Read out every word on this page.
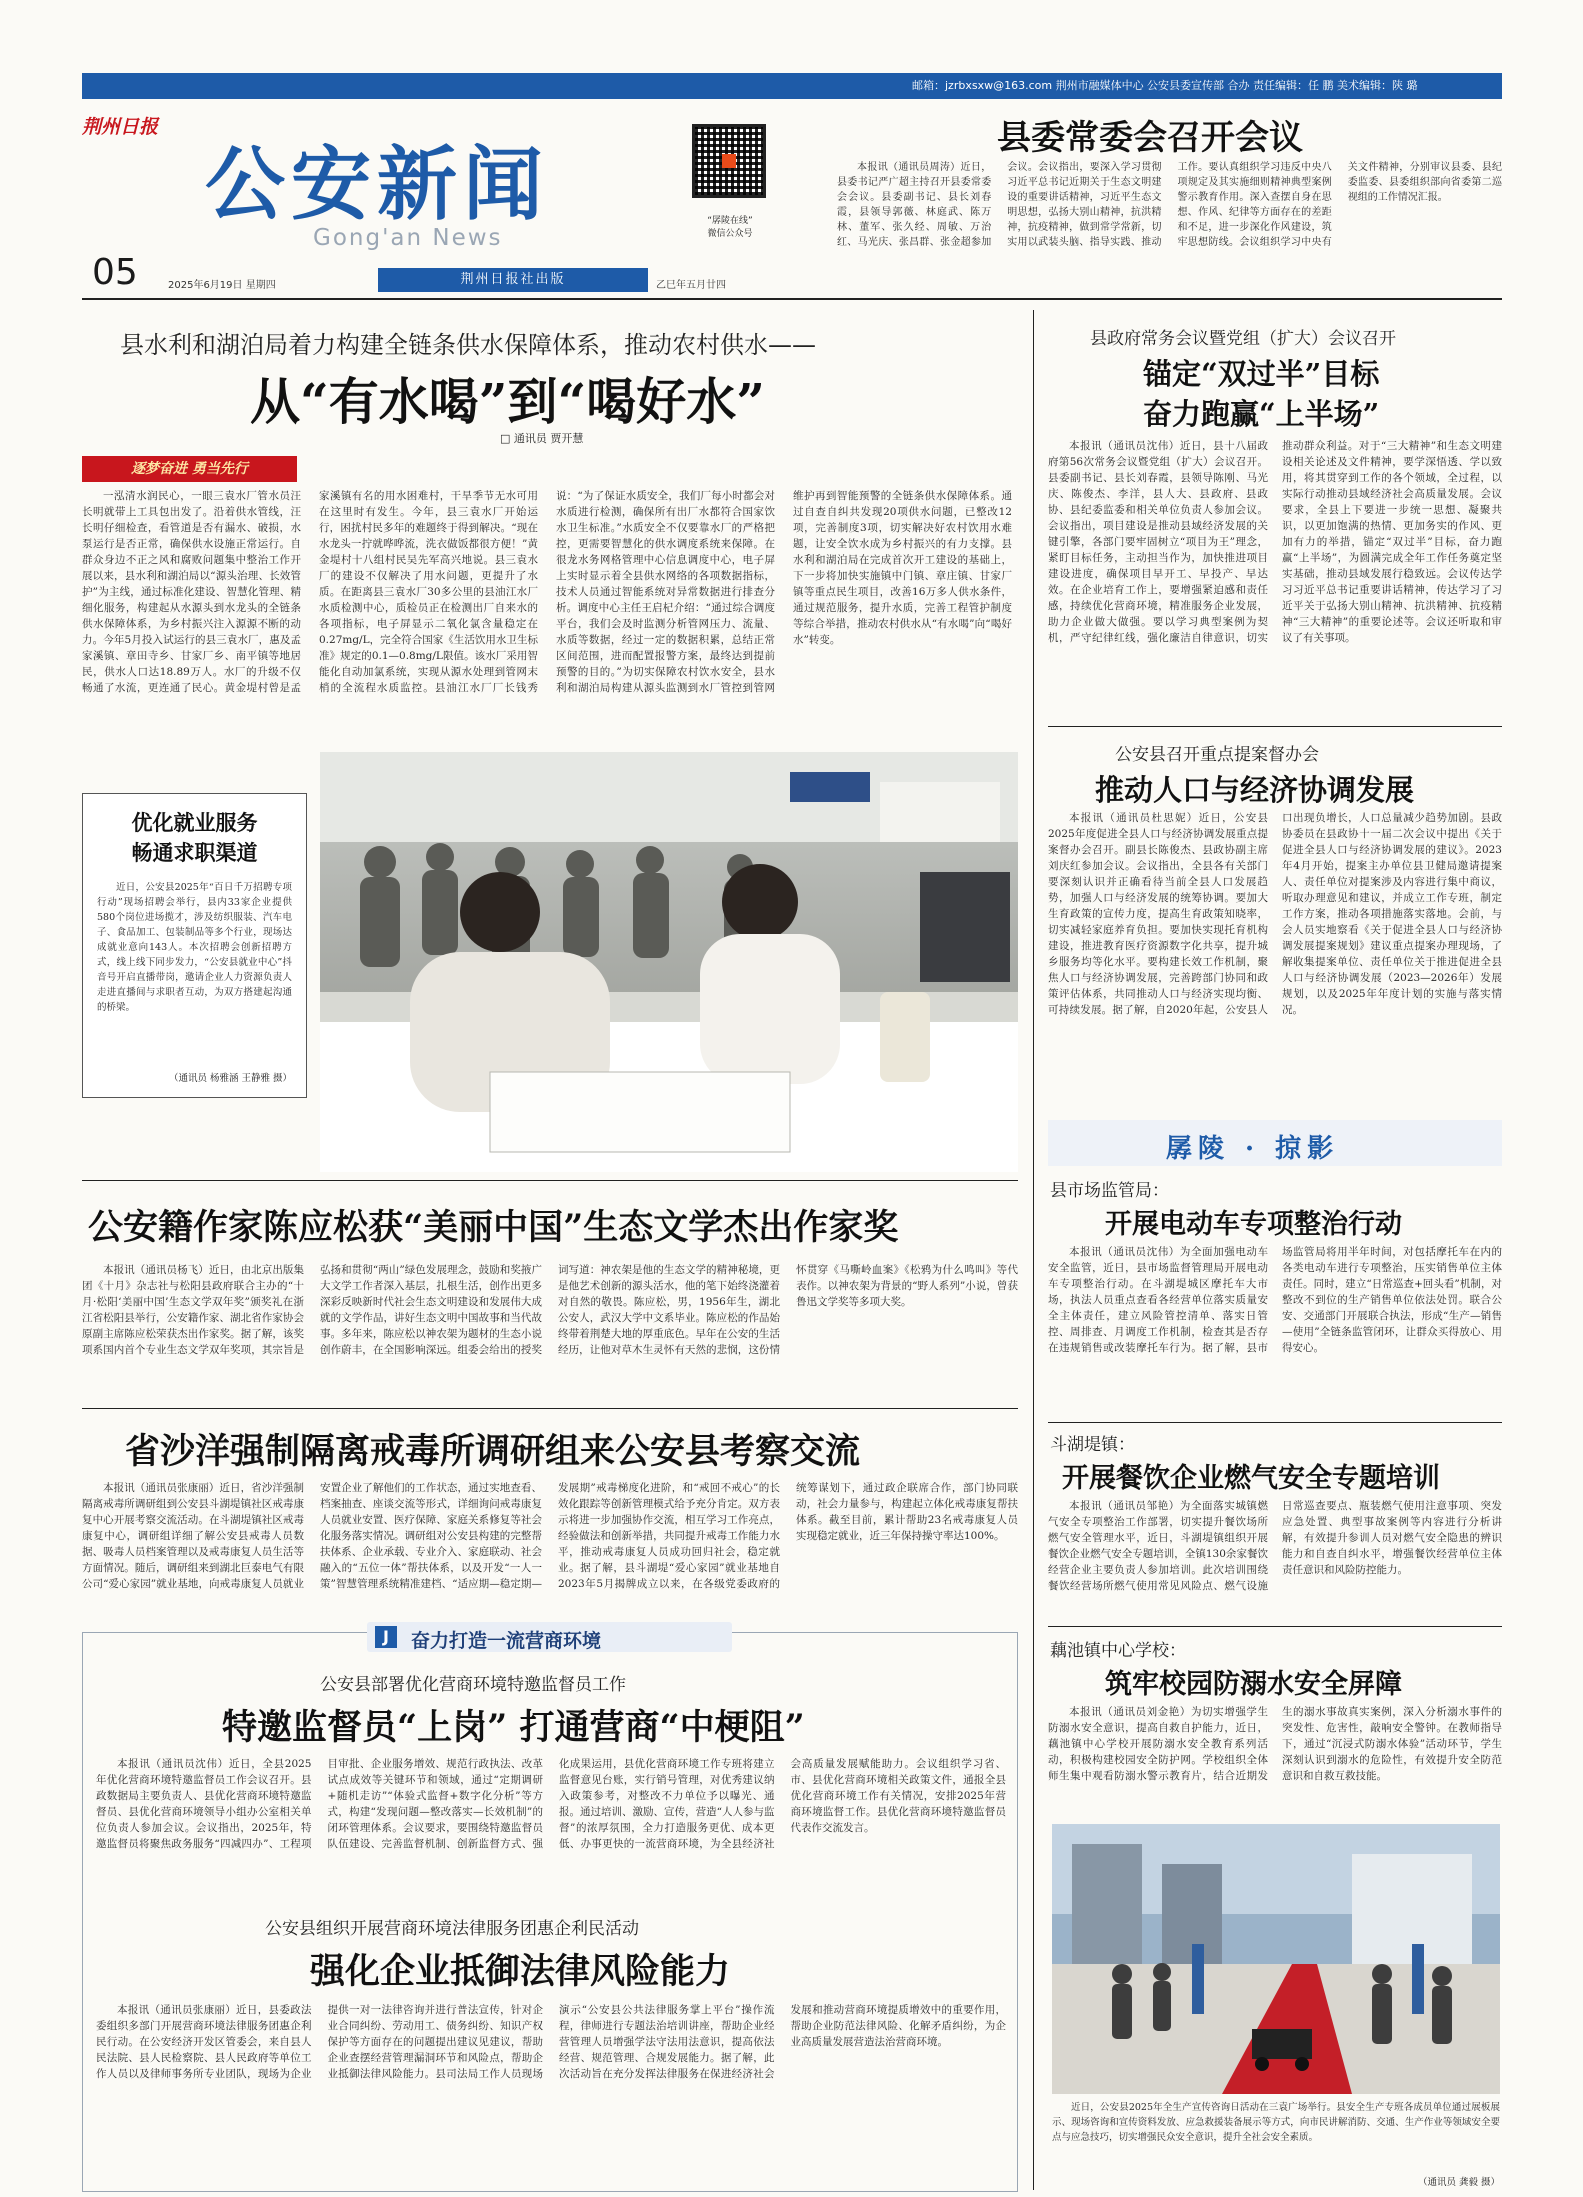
邮箱：jzrbxsxw@163.com 荆州市融媒体中心 公安县委宣传部 合办 责任编辑：任 鹏 美术编辑：陕 璐
荆州日报
公安新闻
Gong'an News
05	2025年6月19日 星期四	荆州日报社出版	乙巳年五月廿四
“孱陵在线”
微信公众号
县委常委会召开会议
本报讯（通讯员周涛）近日，县委书记严广超主持召开县委常委会会议。县委副书记、县长刘春霞，县领导郭薇、林庭武、陈万林、董军、张久经、周敏、万治红、马光庆、张昌群、张金超参加会议。会议指出，要深入学习贯彻习近平总书记近期关于生态文明建设的重要讲话精神，习近平生态文明思想，弘扬大别山精神，抗洪精神，抗疫精神，做到常学常新，切实用以武装头脑、指导实践、推动工作。要认真组织学习违反中央八项规定及其实施细则精神典型案例警示教育作用。深入查摆自身在思想、作风、纪律等方面存在的差距和不足，进一步深化作风建设，筑牢思想防线。会议组织学习中央有关文件精神，分别审议县委、县纪委监委、县委组织部向省委第二巡视组的工作情况汇报。
县水利和湖泊局着力构建全链条供水保障体系，推动农村供水——
从“有水喝”到“喝好水”
□ 通讯员 贾开慧
逐梦奋进 勇当先行
一泓清水润民心，一眼三袁水厂管水员汪长明就带上工具包出发了。沿着供水管线，汪长明仔细检查，看管道是否有漏水、破损，水泵运行是否正常，确保供水设施正常运行。自群众身边不正之风和腐败问题集中整治工作开展以来，县水利和湖泊局以“源头治理、长效管护”为主线，通过标准化建设、智慧化管理、精细化服务，构建起从水源头到水龙头的全链条供水保障体系，为乡村振兴注入源源不断的动力。今年5月投入试运行的县三袁水厂，惠及孟家溪镇、章田寺乡、甘家厂乡、南平镇等地居民，供水人口达18.89万人。水厂的升级不仅畅通了水流，更连通了民心。黄金堤村曾是孟家溪镇有名的用水困难村，干旱季节无水可用在这里时有发生。今年，县三袁水厂开始运行，困扰村民多年的难题终于得到解决。“现在水龙头一拧就哗哗流，洗衣做饭都很方便！”黄金堤村十八组村民吴先军高兴地说。县三袁水厂的建设不仅解决了用水问题，更提升了水质。在距离县三袁水厂30多公里的县油江水厂水质检测中心，质检员正在检测出厂自来水的各项指标，电子屏显示二氧化氯含量稳定在0.27mg/L，完全符合国家《生活饮用水卫生标准》规定的0.1—0.8mg/L限值。该水厂采用智能化自动加氯系统，实现从源水处理到管网末梢的全流程水质监控。县油江水厂厂长钱秀说：“为了保证水质安全，我们厂每小时都会对水质进行检测，确保所有出厂水都符合国家饮水卫生标准。”水质安全不仅要靠水厂的严格把控，更需要智慧化的供水调度系统来保障。在很龙水务网格管理中心信息调度中心，电子屏上实时显示着全县供水网络的各项数据指标，技术人员通过智能系统对异常数据进行排查分析。调度中心主任王启杞介绍：“通过综合调度平台，我们会及时监测分析管网压力、流量、水质等数据，经过一定的数据积累，总结正常区间范围，进而配置报警方案，最终达到提前预警的目的。”为切实保障农村饮水安全，县水利和湖泊局构建从源头监测到水厂管控到管网维护再到智能预警的全链条供水保障体系。通过自查自纠共发现20项供水问题，已整改12项，完善制度3项，切实解决好农村饮用水难题，让安全饮水成为乡村振兴的有力支撑。县水利和湖泊局在完成首次开工建设的基础上，下一步将加快实施镇中门镇、章庄镇、甘家厂镇等重点民生项目，改善16万多人供水条件，通过规范服务，提升水质，完善工程管护制度等综合举措，推动农村供水从“有水喝”向“喝好水”转变。
县政府常务会议暨党组（扩大）会议召开
锚定“双过半”目标
奋力跑赢“上半场”
本报讯（通讯员沈伟）近日，县十八届政府第56次常务会议暨党组（扩大）会议召开。县委副书记、县长刘春霞，县领导陈刚、马光庆、陈俊杰、李洋，县人大、县政府、县政协、县纪委监委和相关单位负责人参加会议。会议指出，项目建设是推动县域经济发展的关键引擎，各部门要牢固树立“项目为王”理念，紧盯目标任务，主动担当作为，加快推进项目建设进度，确保项目早开工、早投产、早达效。在企业培育工作上，要增强紧迫感和责任感，持续优化营商环境，精准服务企业发展，助力企业做大做强。要以学习典型案例为契机，严守纪律红线，强化廉洁自律意识，切实推动群众利益。对于“三大精神”和生态文明建设相关论述及文件精神，要学深悟透、学以致用，将其贯穿到工作的各个领域，全过程，以实际行动推动县域经济社会高质量发展。会议要求，全县上下要进一步统一思想、凝聚共识，以更加饱满的热情、更加务实的作风、更加有力的举措，锚定“双过半”目标，奋力跑赢“上半场”，为圆满完成全年工作任务奠定坚实基础，推动县域发展行稳致远。会议传达学习习近平总书记重要讲话精神，传达学习了习近平关于弘扬大别山精神、抗洪精神、抗疫精神“三大精神”的重要论述等。会议还听取和审议了有关事项。
优化就业服务
畅通求职渠道
近日，公安县2025年“百日千万招聘专项行动”现场招聘会举行，县内33家企业提供580个岗位进场揽才，涉及纺织服装、汽车电子、食品加工、包装制品等多个行业，现场达成就业意向143人。本次招聘会创新招聘方式，线上线下同步发力，“公安县就业中心”抖音号开启直播带岗，邀请企业人力资源负责人走进直播间与求职者互动，为双方搭建起沟通的桥梁。
（通讯员 杨雅涵 王静雅 摄）
公安县召开重点提案督办会
推动人口与经济协调发展
本报讯（通讯员杜思妮）近日，公安县2025年度促进全县人口与经济协调发展重点提案督办会召开。副县长陈俊杰、县政协副主席刘庆红参加会议。会议指出，全县各有关部门要深刻认识并正确看待当前全县人口发展趋势，加强人口与经济发展的统筹协调。要加大生育政策的宣传力度，提高生育政策知晓率，切实减轻家庭养育负担。要加快实现托育机构建设，推进教育医疗资源数字化共享，提升城乡服务均等化水平。要构建长效工作机制，聚焦人口与经济协调发展，完善跨部门协同和政策评估体系，共同推动人口与经济实现均衡、可持续发展。据了解，自2020年起，公安县人口出现负增长，人口总量减少趋势加剧。县政协委员在县政协十一届二次会议中提出《关于促进全县人口与经济协调发展的建议》。2023年4月开始，提案主办单位县卫健局邀请提案人、责任单位对提案涉及内容进行集中商议，听取办理意见和建议，并成立工作专班，制定工作方案，推动各项措施落实落地。会前，与会人员实地察看《关于促进全县人口与经济协调发展提案规划》建议重点提案办理现场，了解收集提案单位、责任单位关于推进促进全县人口与经济协调发展（2023—2026年）发展规划，以及2025年年度计划的实施与落实情况。
孱陵 · 掠影
公安籍作家陈应松获“美丽中国”生态文学杰出作家奖
本报讯（通讯员杨飞）近日，由北京出版集团《十月》杂志社与松阳县政府联合主办的“十月·松阳‘美丽中国’生态文学双年奖”颁奖礼在浙江省松阳县举行，公安籍作家、湖北省作家协会原副主席陈应松荣获杰出作家奖。据了解，该奖项系国内首个专业生态文学双年奖项，其宗旨是弘扬和贯彻“两山”绿色发展理念，鼓励和奖掖广大文学工作者深入基层，扎根生活，创作出更多深彩反映新时代社会生态文明建设和发展伟大成就的文学作品，讲好生态文明中国故事和当代故事。多年来，陈应松以神农架为题材的生态小说创作蔚丰，在全国影响深远。组委会给出的授奖词写道：神农架是他的生态文学的精神秘境，更是他艺术创新的源头活水，他的笔下始终浇灌着对自然的敬畏。陈应松，男，1956年生，湖北公安人，武汉大学中文系毕业。陈应松的作品始终带着荆楚大地的厚重底色。早年在公安的生活经历，让他对草木生灵怀有天然的悲悯，这份情怀贯穿《马嘶岭血案》《松鸦为什么鸣叫》等代表作。以神农架为背景的“野人系列”小说，曾获鲁迅文学奖等多项大奖。
省沙洋强制隔离戒毒所调研组来公安县考察交流
本报讯（通讯员张康丽）近日，省沙洋强制隔离戒毒所调研组到公安县斗湖堤镇社区戒毒康复中心开展考察交流活动。在斗湖堤镇社区戒毒康复中心，调研组详细了解公安县戒毒人员数据、吸毒人员档案管理以及戒毒康复人员生活等方面情况。随后，调研组来到湖北巨泰电气有限公司“爱心家园”就业基地，向戒毒康复人员就业安置企业了解他们的工作状态，通过实地查看、档案抽查、座谈交流等形式，详细询问戒毒康复人员就业安置、医疗保障、家庭关系修复等社会化服务落实情况。调研组对公安县构建的完整帮扶体系、企业承载、专业介入、家庭联动、社会融入的“五位一体”帮扶体系，以及开发“一人一策”智慧管理系统精准建档、“适应期—稳定期—发展期”戒毒梯度化进阶，和“戒回不戒心”的长效化跟踪等创新管理模式给予充分肯定。双方表示将进一步加强协作交流，相互学习工作亮点，经验做法和创新举措，共同提升戒毒工作能力水平，推动戒毒康复人员成功回归社会，稳定就业。据了解，县斗湖堤“爱心家园”就业基地自2023年5月揭牌成立以来，在各级党委政府的统筹谋划下，通过政企联席合作，部门协同联动，社会力量参与，构建起立体化戒毒康复帮扶体系。截至目前，累计帮助23名戒毒康复人员实现稳定就业，近三年保持操守率达100%。
J	奋力打造一流营商环境
公安县部署优化营商环境特邀监督员工作
特邀监督员“上岗” 打通营商“中梗阻”
本报讯（通讯员沈伟）近日，全县2025年优化营商环境特邀监督员工作会议召开。县政数据局主要负责人、县优化营商环境特邀监督员、县优化营商环境领导小组办公室相关单位负责人参加会议。会议指出，2025年，特邀监督员将聚焦政务服务“四减四办”、工程项目审批、企业服务增效、规范行政执法、改革试点成效等关键环节和领域，通过“定期调研+随机走访”“体验式监督+数字化分析”等方式，构建“发现问题—整改落实—长效机制”的闭环管理体系。会议要求，要围绕特邀监督员队伍建设、完善监督机制、创新监督方式、强化成果运用，县优化营商环境工作专班将建立监督意见台账，实行销号管理，对优秀建议纳入政策参考，对整改不力单位予以曝光、通报。通过培训、激励、宣传，营造“人人参与监督”的浓厚氛围，全力打造服务更优、成本更低、办事更快的一流营商环境，为全县经济社会高质量发展赋能助力。会议组织学习省、市、县优化营商环境相关政策文件，通报全县优化营商环境工作有关情况，安排2025年营商环境监督工作。县优化营商环境特邀监督员代表作交流发言。
公安县组织开展营商环境法律服务团惠企利民活动
强化企业抵御法律风险能力
本报讯（通讯员张康丽）近日，县委政法委组织多部门开展营商环境法律服务团惠企利民行动。在公安经济开发区管委会，来自县人民法院、县人民检察院、县人民政府等单位工作人员以及律师事务所专业团队，现场为企业提供一对一法律咨询并进行普法宣传，针对企业合同纠纷、劳动用工、债务纠纷、知识产权保护等方面存在的问题提出建议见建议，帮助企业查摆经营管理漏洞环节和风险点，帮助企业抵御法律风险能力。县司法局工作人员现场演示“公安县公共法律服务掌上平台”操作流程，律师进行专题法治培训讲座，帮助企业经营管理人员增强学法守法用法意识，提高依法经营、规范管理、合规发展能力。据了解，此次活动旨在充分发挥法律服务在保进经济社会发展和推动营商环境提质增效中的重要作用，帮助企业防范法律风险、化解矛盾纠纷，为企业高质量发展营造法治营商环境。
县市场监管局：
开展电动车专项整治行动
本报讯（通讯员沈伟）为全面加强电动车安全监管，近日，县市场监督管理局开展电动车专项整治行动。在斗湖堤城区摩托车大市场，执法人员重点查看各经营单位落实质量安全主体责任，建立风险管控清单、落实日管控、周排查、月调度工作机制，检查其是否存在违规销售或改装摩托车行为。据了解，县市场监管局将用半年时间，对包括摩托车在内的各类电动车进行专项整治，压实销售单位主体责任。同时，建立“日常巡查+回头看”机制，对整改不到位的生产销售单位依法处罚。联合公安、交通部门开展联合执法，形成“生产—销售—使用”全链条监管闭环，让群众买得放心、用得安心。
斗湖堤镇：
开展餐饮企业燃气安全专题培训
本报讯（通讯员邹艳）为全面落实城镇燃气安全专项整治工作部署，切实提升餐饮场所燃气安全管理水平，近日，斗湖堤镇组织开展餐饮企业燃气安全专题培训，全镇130余家餐饮经营企业主要负责人参加培训。此次培训围绕餐饮经营场所燃气使用常见风险点、燃气设施日常巡查要点、瓶装燃气使用注意事项、突发应急处置、典型事故案例等内容进行分析讲解，有效提升参训人员对燃气安全隐患的辨识能力和自查自纠水平，增强餐饮经营单位主体责任意识和风险防控能力。
藕池镇中心学校：
筑牢校园防溺水安全屏障
本报讯（通讯员刘金艳）为切实增强学生防溺水安全意识，提高自救自护能力，近日，藕池镇中心学校开展防溺水安全教育系列活动，积极构建校园安全防护网。学校组织全体师生集中观看防溺水警示教育片，结合近期发生的溺水事故真实案例，深入分析溺水事件的突发性、危害性，敲响安全警钟。在教师指导下，通过“沉浸式防溺水体验”活动环节，学生深刻认识到溺水的危险性，有效提升安全防范意识和自救互救技能。
近日，公安县2025年全生产宣传咨询日活动在三袁广场举行。县安全生产专班各成员单位通过展板展示、现场咨询和宣传资料发放、应急救援装备展示等方式，向市民讲解消防、交通、生产作业等领域安全要点与应急技巧，切实增强民众安全意识，提升全社会安全素质。
（通讯员 龚毅 摄）
